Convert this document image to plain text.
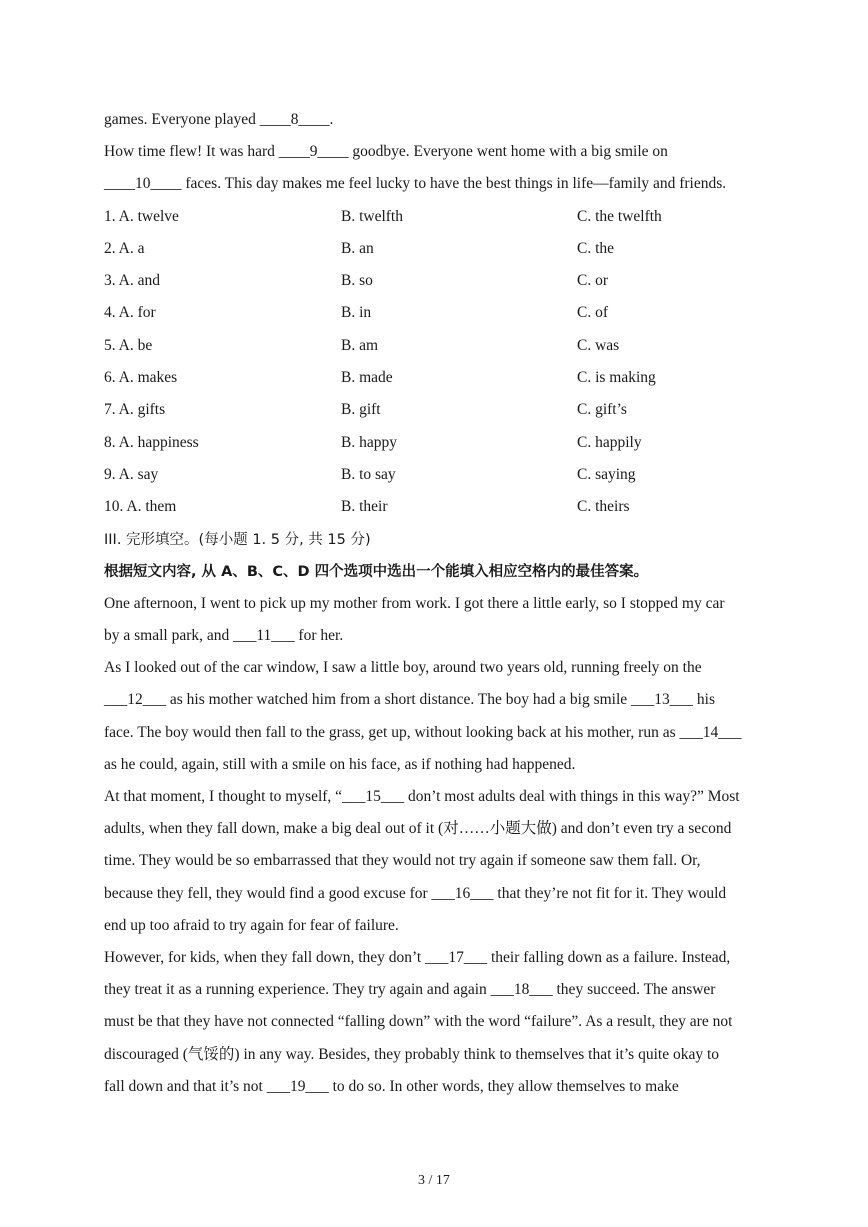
games. Everyone played ____8____.
How time flew! It was hard ____9____ goodbye. Everyone went home with a big smile on
____10____ faces. This day makes me feel lucky to have the best things in life—family and friends.
1. A. twelve	B. twelfth	C. the twelfth
2. A. a	B. an	C. the
3. A. and	B. so	C. or
4. A. for	B. in	C. of
5. A. be	B. am	C. was
6. A. makes	B. made	C. is making
7. A. gifts	B. gift	C. gift’s
8. A. happiness	B. happy	C. happily
9. A. say	B. to say	C. saying
10. A. them	B. their	C. theirs
III. 完形填空。(每小题 1. 5 分, 共 15 分)
根据短文内容, 从 A、B、C、D 四个选项中选出一个能填入相应空格内的最佳答案。
One afternoon, I went to pick up my mother from work. I got there a little early, so I stopped my car
by a small park, and ___11___ for her.
As I looked out of the car window, I saw a little boy, around two years old, running freely on the
___12___ as his mother watched him from a short distance. The boy had a big smile ___13___ his
face. The boy would then fall to the grass, get up, without looking back at his mother, run as ___14___
as he could, again, still with a smile on his face, as if nothing had happened.
At that moment, I thought to myself, “___15___ don’t most adults deal with things in this way?” Most
adults, when they fall down, make a big deal out of it (对……小题大做) and don’t even try a second
time. They would be so embarrassed that they would not try again if someone saw them fall. Or,
because they fell, they would find a good excuse for ___16___ that they’re not fit for it. They would
end up too afraid to try again for fear of failure.
However, for kids, when they fall down, they don’t ___17___ their falling down as a failure. Instead,
they treat it as a running experience. They try again and again ___18___ they succeed. The answer
must be that they have not connected “falling down” with the word “failure”. As a result, they are not
discouraged (气馁的) in any way. Besides, they probably think to themselves that it’s quite okay to
fall down and that it’s not ___19___ to do so. In other words, they allow themselves to make
3 / 17
